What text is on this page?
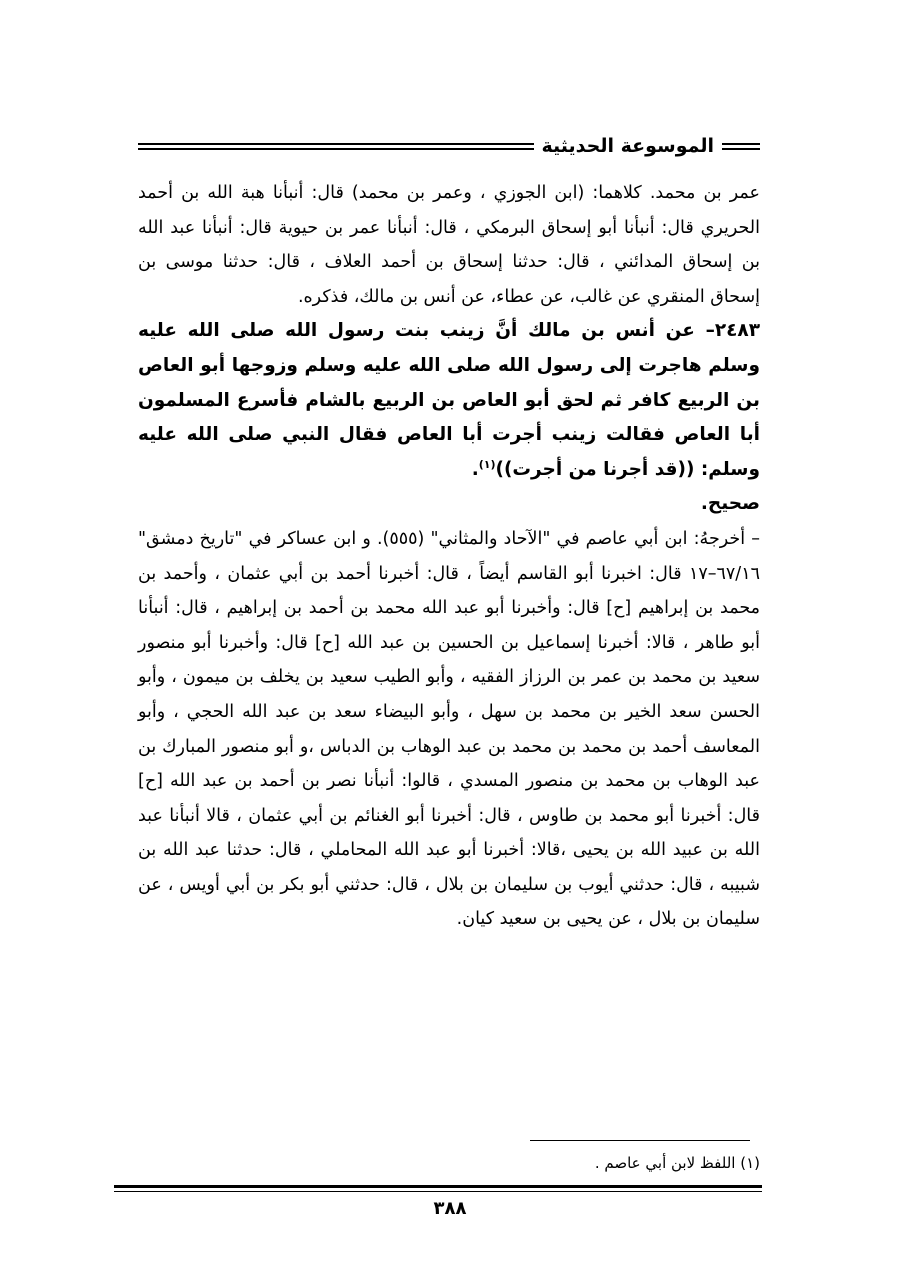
الموسوعة الحديثية

عمر بن محمد. كلاهما: (ابن الجوزي ، وعمر بن محمد) قال: أنبأنا هبة الله بن أحمد الحريري قال: أنبأنا أبو إسحاق البرمكي ، قال: أنبأنا عمر بن حيوية قال: أنبأنا عبد الله بن إسحاق المدائني ، قال: حدثنا إسحاق بن أحمد العلاف ، قال: حدثنا موسى بن إسحاق المنقري عن غالب، عن عطاء، عن أنس بن مالك، فذكره.

٢٤٨٣– عن أنس بن مالك أنَّ زينب بنت رسول الله صلى الله عليه وسلم هاجرت إلى رسول الله صلى الله عليه وسلم وزوجها أبو العاص بن الربيع كافر ثم لحق أبو العاص بن الربيع بالشام فأسرع المسلمون أبا العاص فقالت زينب أجرت أبا العاص فقال النبي صلى الله عليه وسلم: ((قد أجرنا من أجرت))$^{(١)}$.

صحيح.

– أخرجهُ: ابن أبي عاصم في "الآحاد والمثاني" (٥٥٥). و ابن عساكر في "تاريخ دمشق" ٦٧/١٦–١٧ قال: اخبرنا أبو القاسم أيضاً ، قال: أخبرنا أحمد بن أبي عثمان ، وأحمد بن محمد بن إبراهيم [ح] قال: وأخبرنا أبو عبد الله محمد بن أحمد بن إبراهيم ، قال: أنبأنا أبو طاهر ، قالا: أخبرنا إسماعيل بن الحسين بن عبد الله [ح] قال: وأخبرنا أبو منصور سعيد بن محمد بن عمر بن الرزاز الفقيه ، وأبو الطيب سعيد بن يخلف بن ميمون ، وأبو الحسن سعد الخير بن محمد بن سهل ، وأبو البيضاء سعد بن عبد الله الحجي ، وأبو المعاسف أحمد بن محمد بن محمد بن عبد الوهاب بن الدباس ،و أبو منصور المبارك بن عبد الوهاب بن محمد بن منصور المسدي ، قالوا: أنبأنا نصر بن أحمد بن عبد الله [ح] قال: أخبرنا أبو محمد بن طاوس ، قال: أخبرنا أبو الغنائم بن أبي عثمان ، قالا أنبأنا عبد الله بن عبيد الله بن يحيى ،قالا: أخبرنا أبو عبد الله المحاملي ، قال: حدثنا عبد الله بن شبيبه ، قال: حدثني أيوب بن سليمان بن بلال ، قال: حدثني أبو بكر بن أبي أويس ، عن سليمان بن بلال ، عن يحيى بن سعيد كيان.

(١) اللفظ لابن أبي عاصم .
٣٨٨
